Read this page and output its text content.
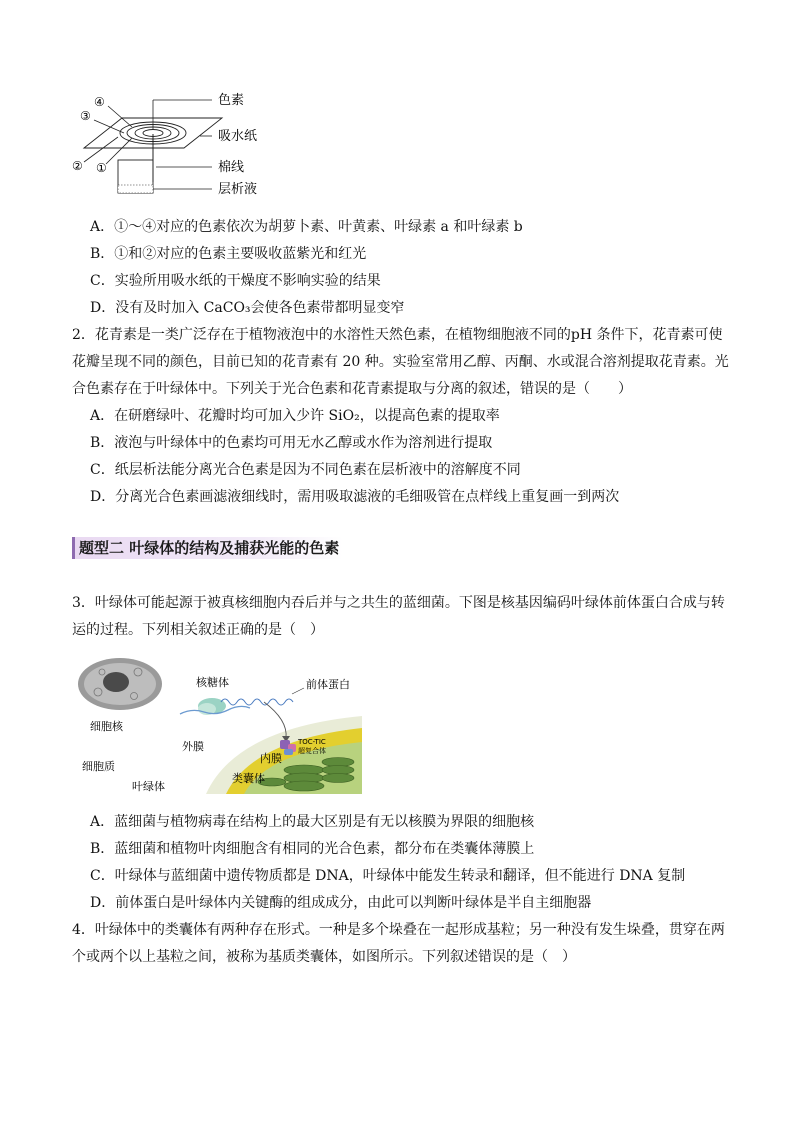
④
③
② ①
色素
吸水纸
棉线
层析液
A．①～④对应的色素依次为胡萝卜素、叶黄素、叶绿素 a 和叶绿素 b
B．①和②对应的色素主要吸收蓝紫光和红光
C．实验所用吸水纸的干燥度不影响实验的结果
D．没有及时加入 CaCO₃会使各色素带都明显变窄
2．花青素是一类广泛存在于植物液泡中的水溶性天然色素，在植物细胞液不同的pH 条件下，花青素可使
花瓣呈现不同的颜色，目前已知的花青素有 20 种。实验室常用乙醇、丙酮、水或混合溶剂提取花青素。光
合色素存在于叶绿体中。下列关于光合色素和花青素提取与分离的叙述，错误的是（　　）
A．在研磨绿叶、花瓣时均可加入少许 SiO₂，以提高色素的提取率
B．液泡与叶绿体中的色素均可用无水乙醇或水作为溶剂进行提取
C．纸层析法能分离光合色素是因为不同色素在层析液中的溶解度不同
D．分离光合色素画滤液细线时，需用吸取滤液的毛细吸管在点样线上重复画一到两次
题型二 叶绿体的结构及捕获光能的色素
3．叶绿体可能起源于被真核细胞内吞后并与之共生的蓝细菌。下图是核基因编码叶绿体前体蛋白合成与转
运的过程。下列相关叙述正确的是（　）
核糖体	前体蛋白
细胞核
外膜	TOC-TIC
超复合体
内膜
细胞质
叶绿体
类囊体
A．蓝细菌与植物病毒在结构上的最大区别是有无以核膜为界限的细胞核
B．蓝细菌和植物叶肉细胞含有相同的光合色素，都分布在类囊体薄膜上
C．叶绿体与蓝细菌中遗传物质都是 DNA，叶绿体中能发生转录和翻译，但不能进行 DNA 复制
D．前体蛋白是叶绿体内关键酶的组成成分，由此可以判断叶绿体是半自主细胞器
4．叶绿体中的类囊体有两种存在形式。一种是多个垛叠在一起形成基粒；另一种没有发生垛叠，贯穿在两
个或两个以上基粒之间，被称为基质类囊体，如图所示。下列叙述错误的是（　）
